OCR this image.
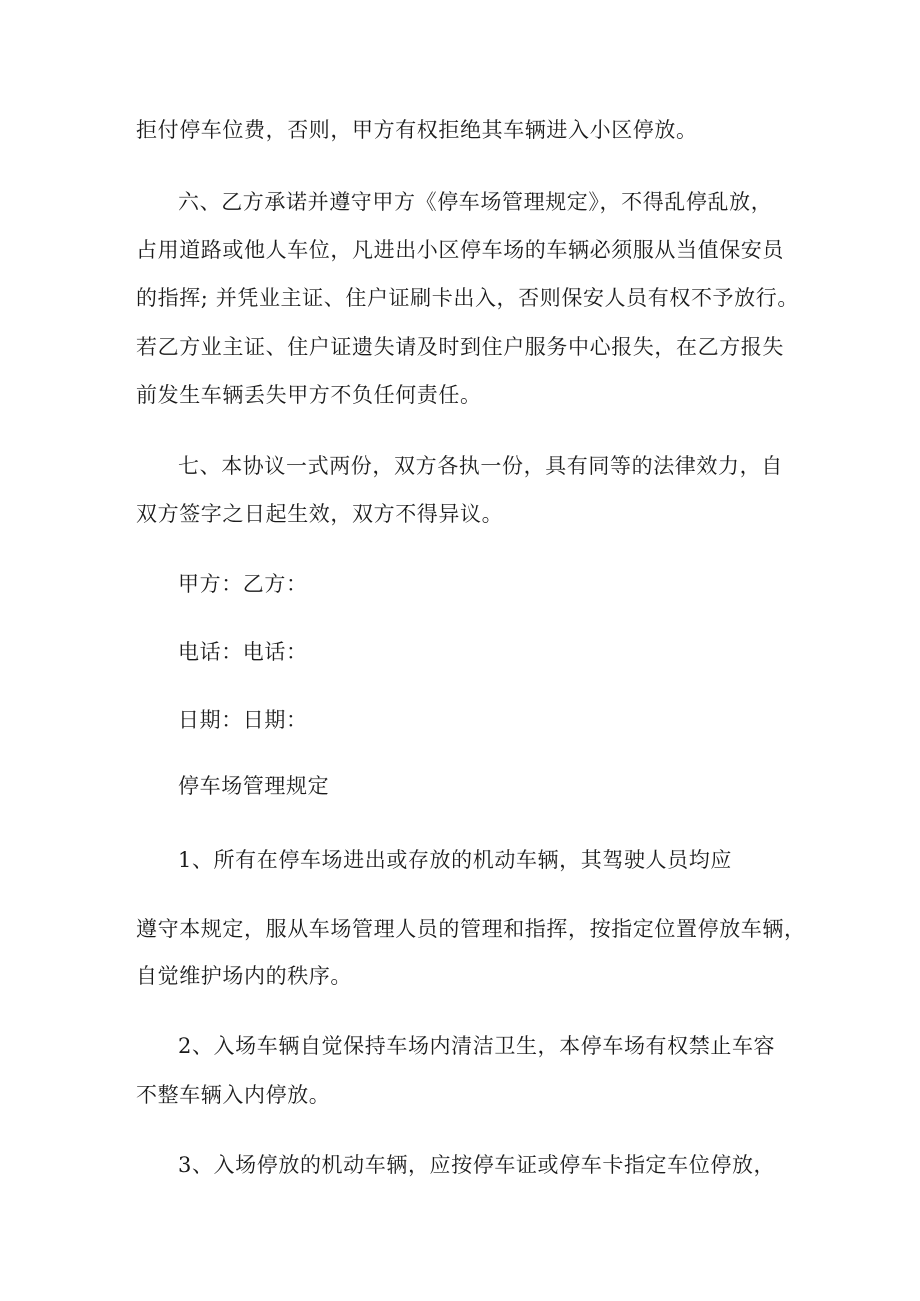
拒付停车位费，否则，甲方有权拒绝其车辆进入小区停放。
六、乙方承诺并遵守甲方《停车场管理规定》，不得乱停乱放，
占用道路或他人车位，凡进出小区停车场的车辆必须服从当值保安员
的指挥; 并凭业主证、住户证刷卡出入，否则保安人员有权不予放行。
若乙方业主证、住户证遗失请及时到住户服务中心报失，在乙方报失
前发生车辆丢失甲方不负任何责任。
七、本协议一式两份，双方各执一份，具有同等的法律效力，自
双方签字之日起生效，双方不得异议。
甲方：乙方：
电话：电话：
日期：日期：
停车场管理规定
1、所有在停车场进出或存放的机动车辆，其驾驶人员均应
遵守本规定，服从车场管理人员的管理和指挥，按指定位置停放车辆，
自觉维护场内的秩序。
2、入场车辆自觉保持车场内清洁卫生，本停车场有权禁止车容
不整车辆入内停放。
3、入场停放的机动车辆，应按停车证或停车卡指定车位停放，
